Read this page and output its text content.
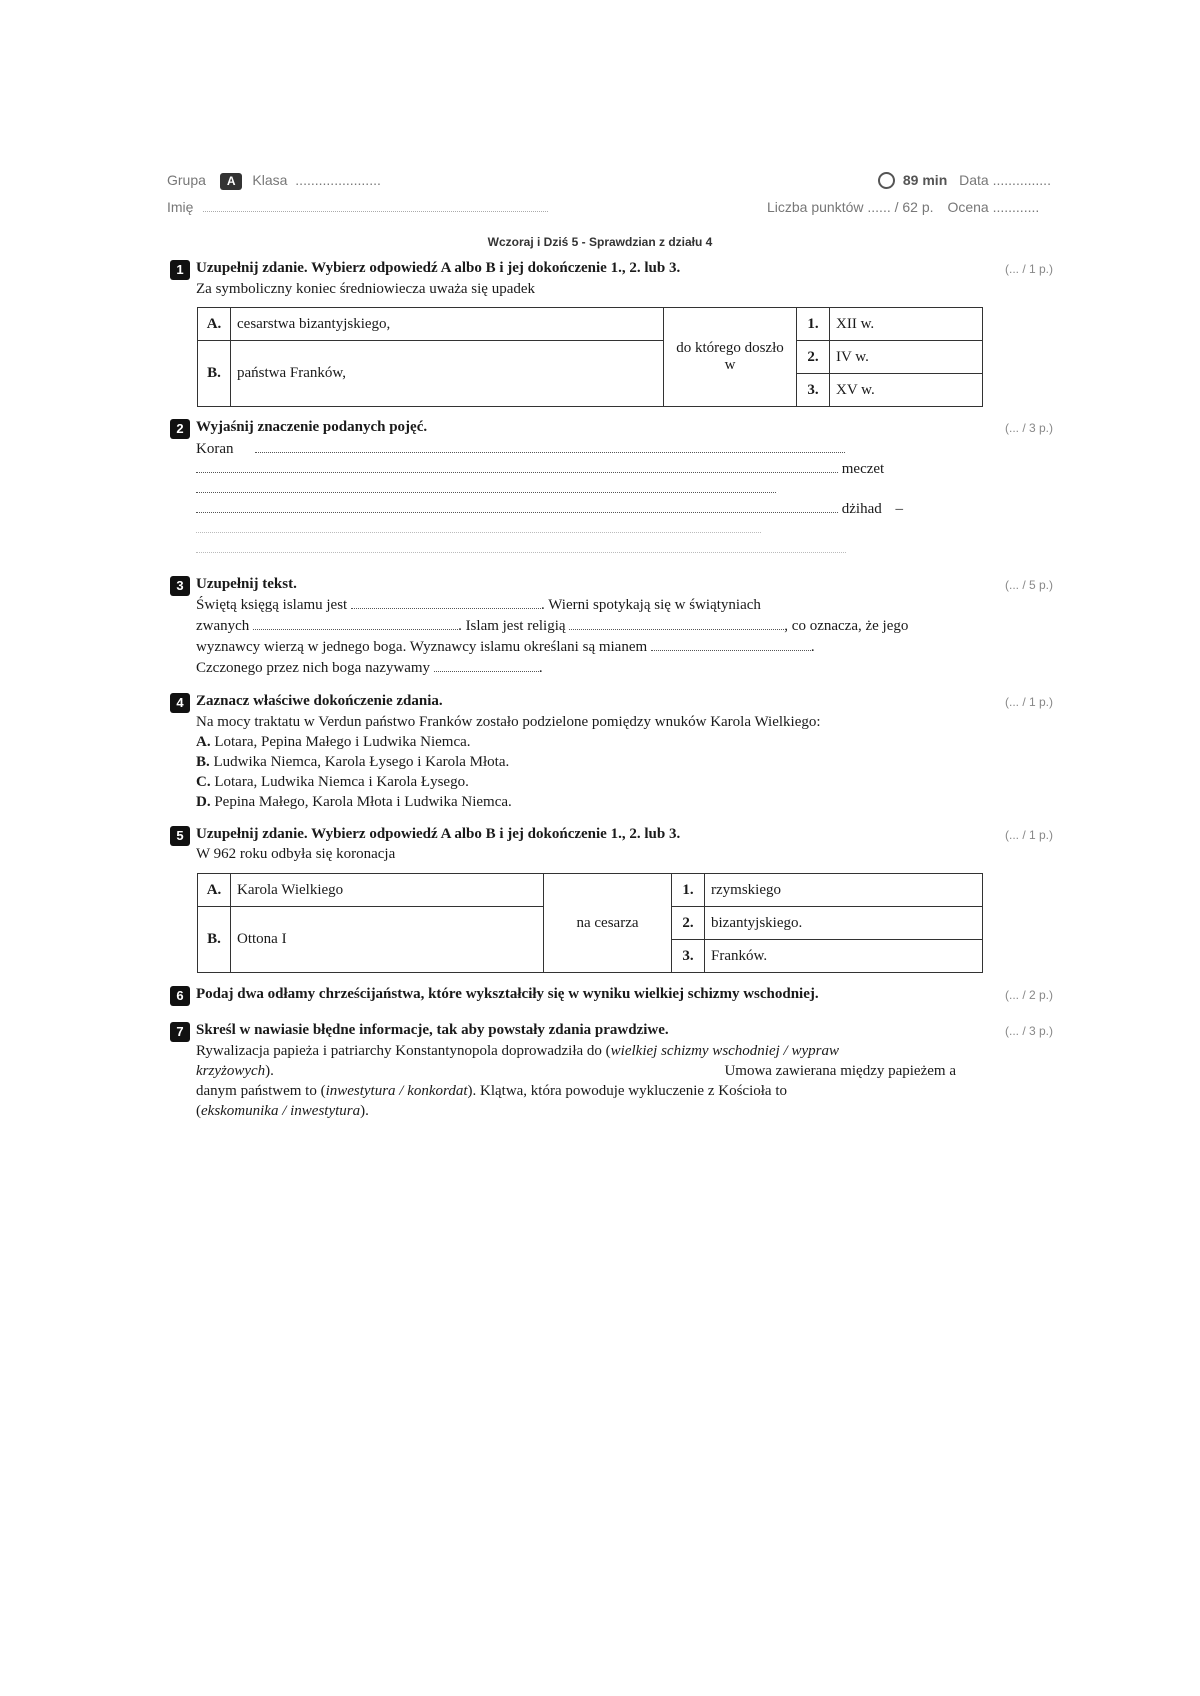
Grupa A Klasa ......................
Imię
89 min Data ...............
Liczba punktów ...... / 62 p. Ocena ............
Wczoraj i Dziś 5 - Sprawdzian z działu 4
1 Uzupełnij zdanie. Wybierz odpowiedź A albo B i jej dokończenie 1., 2. lub 3.	(... / 1 p.)
Za symboliczny koniec średniowiecza uważa się upadek
A.	cesarstwa bizantyjskiego,	do którego doszło w	1.	XII w.

			2.	IV w.
B.	państwa Franków,			
			3.	XV w.

2 Wyjaśnij znaczenie podanych pojęć.	(... / 3 p.)
Koran
meczet
dżihad –
3 Uzupełnij tekst.	(... / 5 p.)
Świętą księgą islamu jest	. Wierni spotykają się w świątyniach
zwanych	. Islam jest religią	, co oznacza, że jego
wyznawcy wierzą w jednego boga. Wyznawcy islamu określani są mianem	.
Czczonego przez nich boga nazywamy	.
4 Zaznacz właściwe dokończenie zdania.	(... / 1 p.)
Na mocy traktatu w Verdun państwo Franków zostało podzielone pomiędzy wnuków Karola Wielkiego:
A. Lotara, Pepina Małego i Ludwika Niemca.
B. Ludwika Niemca, Karola Łysego i Karola Młota.
C. Lotara, Ludwika Niemca i Karola Łysego.
D. Pepina Małego, Karola Młota i Ludwika Niemca.
5 Uzupełnij zdanie. Wybierz odpowiedź A albo B i jej dokończenie 1., 2. lub 3.	(... / 1 p.)
W 962 roku odbyła się koronacja
A.	Karola Wielkiego	na cesarza	1.	rzymskiego

			2.	bizantyjskiego.
B.	Ottona I			
			3.	Franków.

6 Podaj dwa odłamy chrześcijaństwa, które wykształciły się w wyniku wielkiej schizmy wschodniej.	(... / 2 p.)
7 Skreśl w nawiasie błędne informacje, tak aby powstały zdania prawdziwe.	(... / 3 p.)
Rywalizacja papieża i patriarchy Konstantynopola doprowadziła do (wielkiej schizmy wschodniej / wypraw
krzyżowych).	Umowa zawierana między papieżem a
danym państwem to (inwestytura / konkordat). Klątwa, która powoduje wykluczenie z Kościoła to
(ekskomunika / inwestytura).
